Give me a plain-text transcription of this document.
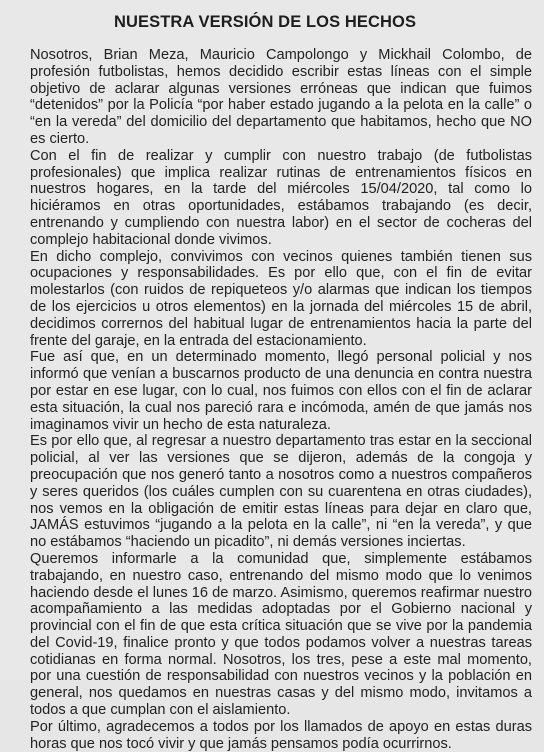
NUESTRA VERSIÓN DE LOS HECHOS

Nosotros, Brian Meza, Mauricio Campolongo y Mickhail Colombo, de profesión futbolistas, hemos decidido escribir estas líneas con el simple objetivo de aclarar algunas versiones erróneas que indican que fuimos “detenidos” por la Policía “por haber estado jugando a la pelota en la calle” o “en la vereda” del domicilio del departamento que habitamos, hecho que NO es cierto.

Con el fin de realizar y cumplir con nuestro trabajo (de futbolistas profesionales) que implica realizar rutinas de entrenamientos físicos en nuestros hogares, en la tarde del miércoles 15/04/2020, tal como lo hiciéramos en otras oportunidades, estábamos trabajando (es decir, entrenando y cumpliendo con nuestra labor) en el sector de cocheras del complejo habitacional donde vivimos.

En dicho complejo, convivimos con vecinos quienes también tienen sus ocupaciones y responsabilidades. Es por ello que, con el fin de evitar molestarlos (con ruidos de repiqueteos y/o alarmas que indican los tiempos de los ejercicios u otros elementos) en la jornada del miércoles 15 de abril, decidimos corrernos del habitual lugar de entrenamientos hacia la parte del frente del garaje, en la entrada del estacionamiento.

Fue así que, en un determinado momento, llegó personal policial y nos informó que venían a buscarnos producto de una denuncia en contra nuestra por estar en ese lugar, con lo cual, nos fuimos con ellos con el fin de aclarar esta situación, la cual nos pareció rara e incómoda, amén de que jamás nos imaginamos vivir un hecho de esta naturaleza.

Es por ello que, al regresar a nuestro departamento tras estar en la seccional policial, al ver las versiones que se dijeron, además de la congoja y preocupación que nos generó tanto a nosotros como a nuestros compañeros y seres queridos (los cuáles cumplen con su cuarentena en otras ciudades), nos vemos en la obligación de emitir estas líneas para dejar en claro que, JAMÁS estuvimos “jugando a la pelota en la calle”, ni “en la vereda”, y que no estábamos “haciendo un picadito”, ni demás versiones inciertas.

Queremos informarle a la comunidad que, simplemente estábamos trabajando, en nuestro caso, entrenando del mismo modo que lo venimos haciendo desde el lunes 16 de marzo. Asimismo, queremos reafirmar nuestro acompañamiento a las medidas adoptadas por el Gobierno nacional y provincial con el fin de que esta crítica situación que se vive por la pandemia del Covid-19, finalice pronto y que todos podamos volver a nuestras tareas cotidianas en forma normal. Nosotros, los tres, pese a este mal momento, por una cuestión de responsabilidad con nuestros vecinos y la población en general, nos quedamos en nuestras casas y del mismo modo, invitamos a todos a que cumplan con el aislamiento.

Por último, agradecemos a todos por los llamados de apoyo en estas duras horas que nos tocó vivir y que jamás pensamos podía ocurrirnos.
